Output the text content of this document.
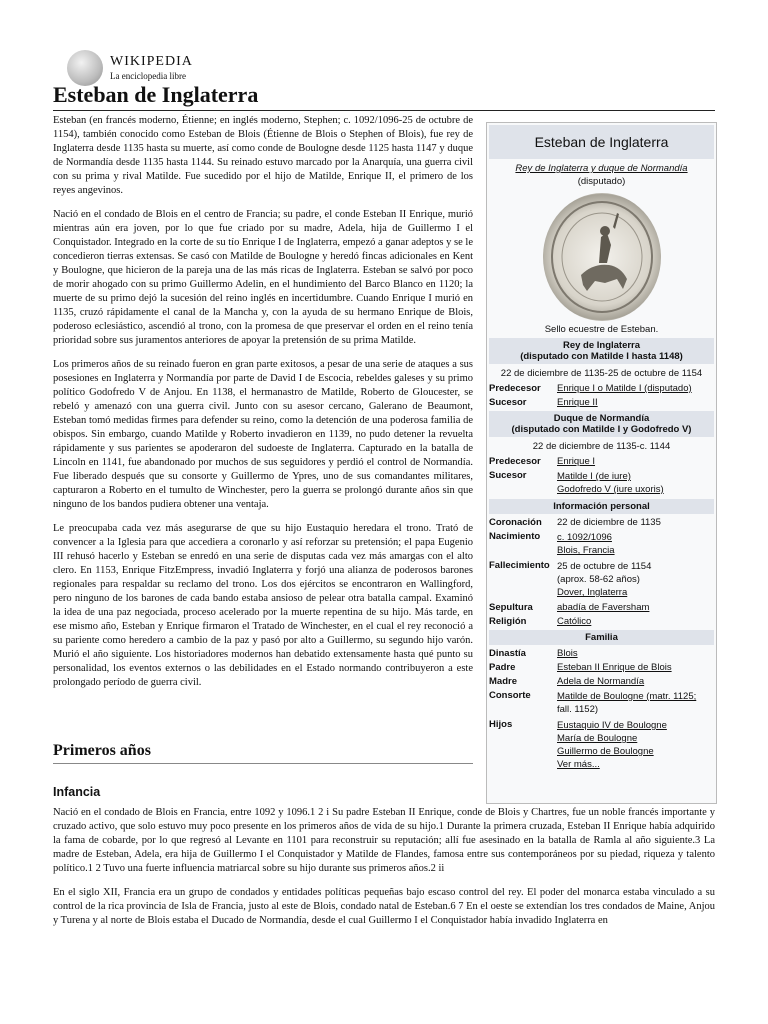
WIKIPEDIA
La enciclopedia libre
Esteban de Inglaterra

Esteban (en francés moderno, Étienne; en inglés moderno, Stephen; c. 1092/1096-25 de octubre de 1154), también conocido como Esteban de Blois (Étienne de Blois o Stephen of Blois), fue rey de Inglaterra desde 1135 hasta su muerte, así como conde de Boulogne desde 1125 hasta 1147 y duque de Normandía desde 1135 hasta 1144. Su reinado estuvo marcado por la Anarquía, una guerra civil con su prima y rival Matilde. Fue sucedido por el hijo de Matilde, Enrique II, el primero de los reyes angevinos.

Nació en el condado de Blois en el centro de Francia; su padre, el conde Esteban II Enrique, murió mientras aún era joven, por lo que fue criado por su madre, Adela, hija de Guillermo I el Conquistador. Integrado en la corte de su tío Enrique I de Inglaterra, empezó a ganar adeptos y se le concedieron tierras extensas. Se casó con Matilde de Boulogne y heredó fincas adicionales en Kent y Boulogne, que hicieron de la pareja una de las más ricas de Inglaterra. Esteban se salvó por poco de morir ahogado con su primo Guillermo Adelin, en el hundimiento del Barco Blanco en 1120; la muerte de su primo dejó la sucesión del reino inglés en incertidumbre. Cuando Enrique I murió en 1135, cruzó rápidamente el canal de la Mancha y, con la ayuda de su hermano Enrique de Blois, poderoso eclesiástico, ascendió al trono, con la promesa de que preservar el orden en el reino tenía prioridad sobre sus juramentos anteriores de apoyar la pretensión de su prima Matilde.

Los primeros años de su reinado fueron en gran parte exitosos, a pesar de una serie de ataques a sus posesiones en Inglaterra y Normandía por parte de David I de Escocia, rebeldes galeses y su primo político Godofredo V de Anjou. En 1138, el hermanastro de Matilde, Roberto de Gloucester, se rebeló y amenazó con una guerra civil. Junto con su asesor cercano, Galerano de Beaumont, Esteban tomó medidas firmes para defender su reino, como la detención de una poderosa familia de obispos. Sin embargo, cuando Matilde y Roberto invadieron en 1139, no pudo detener la revuelta rápidamente y sus parientes se apoderaron del sudoeste de Inglaterra. Capturado en la batalla de Lincoln en 1141, fue abandonado por muchos de sus seguidores y perdió el control de Normandía. Fue liberado después que su consorte y Guillermo de Ypres, uno de sus comandantes militares, capturaron a Roberto en el tumulto de Winchester, pero la guerra se prolongó durante años sin que ninguno de los bandos pudiera obtener una ventaja.

Le preocupaba cada vez más asegurarse de que su hijo Eustaquio heredara el trono. Trató de convencer a la Iglesia para que accediera a coronarlo y así reforzar su pretensión; el papa Eugenio III rehusó hacerlo y Esteban se enredó en una serie de disputas cada vez más amargas con el alto clero. En 1153, Enrique FitzEmpress, invadió Inglaterra y forjó una alianza de poderosos barones regionales para respaldar su reclamo del trono. Los dos ejércitos se encontraron en Wallingford, pero ninguno de los barones de cada bando estaba ansioso de pelear otra batalla campal. Examinó la idea de una paz negociada, proceso acelerado por la muerte repentina de su hijo. Más tarde, en ese mismo año, Esteban y Enrique firmaron el Tratado de Winchester, en el cual el rey reconoció a su pariente como heredero a cambio de la paz y pasó por alto a Guillermo, su segundo hijo varón. Murió el año siguiente. Los historiadores modernos han debatido extensamente hasta qué punto su personalidad, los eventos externos o las debilidades en el Estado normando contribuyeron a este prolongado período de guerra civil.

Primeros años
Infancia

Nació en el condado de Blois en Francia, entre 1092 y 1096.1 2 i Su padre Esteban II Enrique, conde de Blois y Chartres, fue un noble francés importante y cruzado activo, que solo estuvo muy poco presente en los primeros años de vida de su hijo.1 Durante la primera cruzada, Esteban II Enrique había adquirido la fama de cobarde, por lo que regresó al Levante en 1101 para reconstruir su reputación; allí fue asesinado en la batalla de Ramla al año siguiente.3 La madre de Esteban, Adela, era hija de Guillermo I el Conquistador y Matilde de Flandes, famosa entre sus contemporáneos por su piedad, riqueza y talento político.1 2 Tuvo una fuerte influencia matriarcal sobre su hijo durante sus primeros años.2 ii

En el siglo XII, Francia era un grupo de condados y entidades políticas pequeñas bajo escaso control del rey. El poder del monarca estaba vinculado a su control de la rica provincia de Isla de Francia, justo al este de Blois, condado natal de Esteban.6 7 En el oeste se extendían los tres condados de Maine, Anjou y Turena y al norte de Blois estaba el Ducado de Normandía, desde el cual Guillermo I el Conquistador había invadido Inglaterra en

Esteban de Inglaterra
Rey de Inglaterra y duque de Normandía
(disputado)
Sello ecuestre de Esteban.
Rey de Inglaterra
(disputado con Matilde I hasta 1148)
22 de diciembre de 1135-25 de octubre de 1154
Predecesor	Enrique I o Matilde I (disputado)
Sucesor	Enrique II
Duque de Normandía
(disputado con Matilde I y Godofredo V)
22 de diciembre de 1135-c. 1144
Predecesor	Enrique I
Sucesor	Matilde I (de iure)
Godofredo V (iure uxoris)
Información personal
Coronación	22 de diciembre de 1135
Nacimiento	c. 1092/1096
Blois, Francia
Fallecimiento 25 de octubre de 1154
(aprox. 58-62 años)
Dover, Inglaterra
Sepultura	abadía de Faversham
Religión	Católico
Familia
Dinastía	Blois
Padre	Esteban II Enrique de Blois
Madre	Adela de Normandía
Consorte	Matilde de Boulogne (matr. 1125;
fall. 1152)
Hijos	Eustaquio IV de Boulogne
María de Boulogne
Guillermo de Boulogne
Ver más...
